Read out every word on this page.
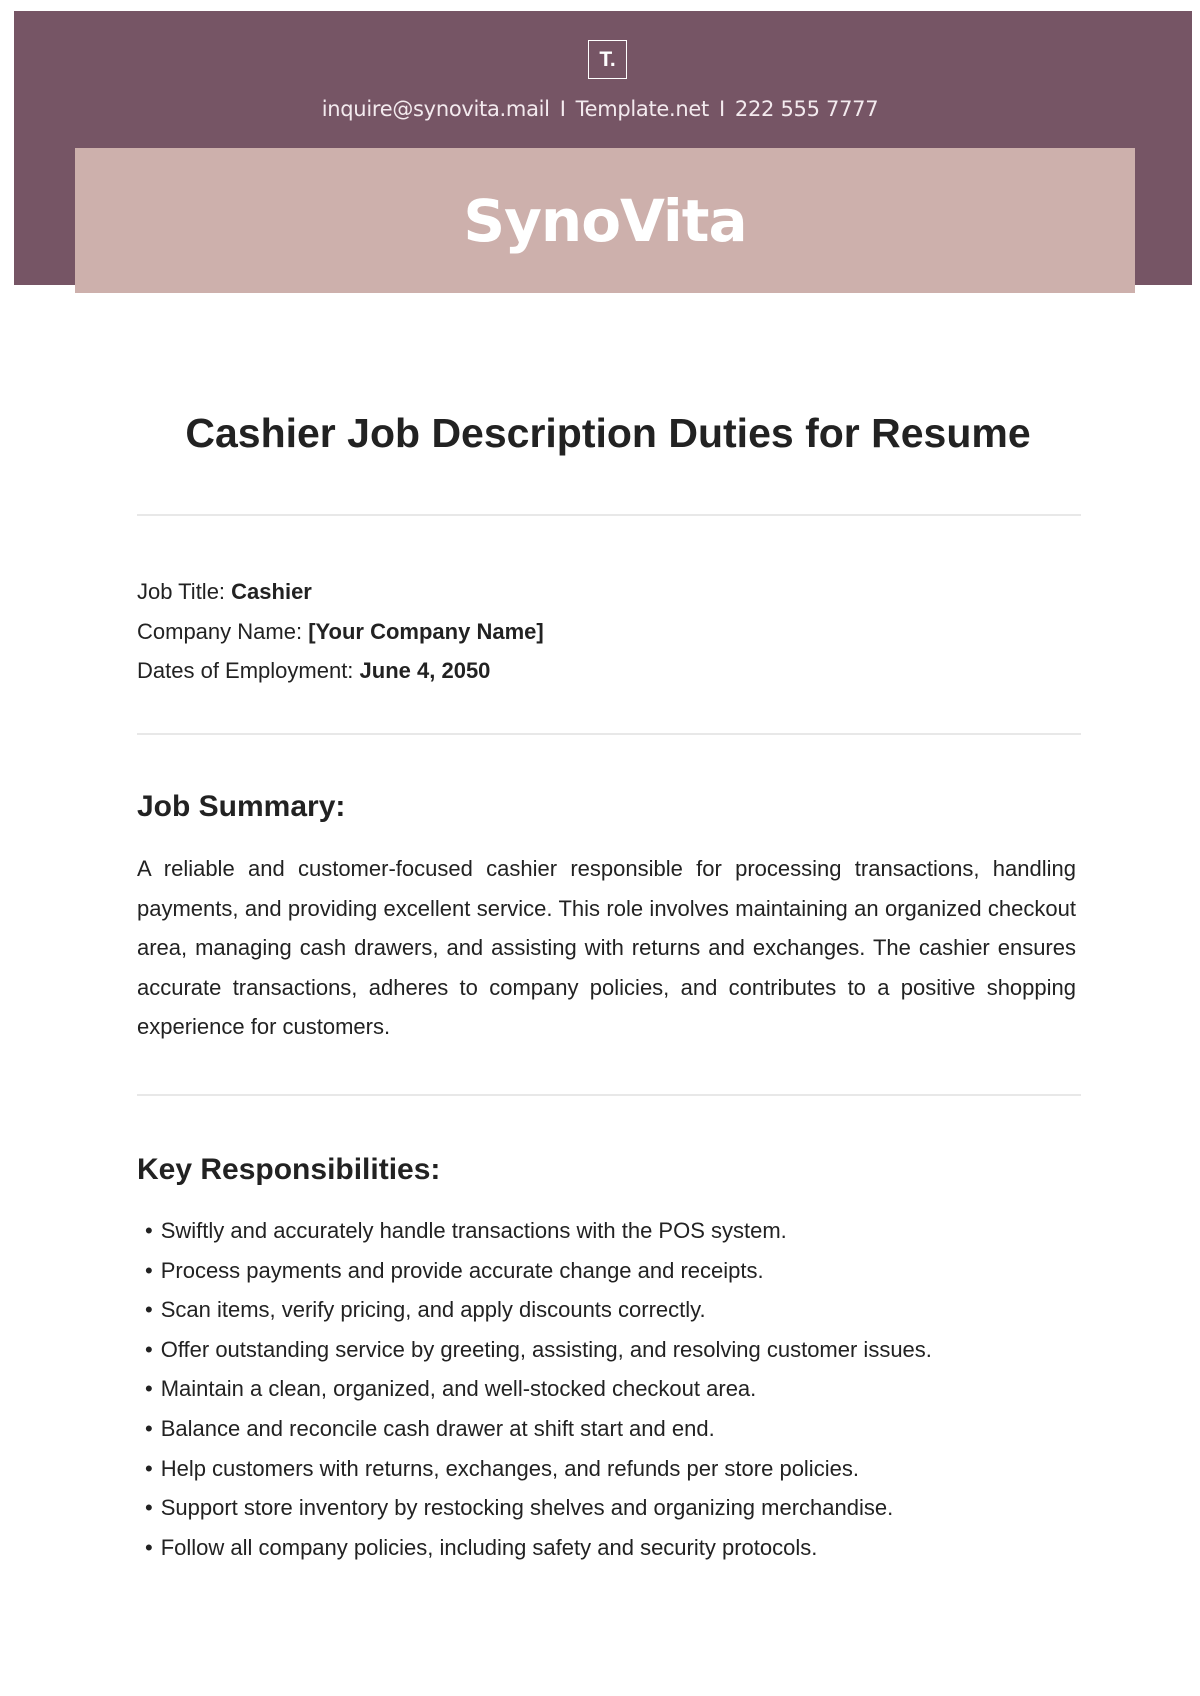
T.
inquire@synovita.mail I Template.net I 222 555 7777
SynoVita
Cashier Job Description Duties for Resume
Job Title: Cashier
Company Name: [Your Company Name]
Dates of Employment: June 4, 2050
Job Summary:
A reliable and customer-focused cashier responsible for processing transactions, handling payments, and providing excellent service. This role involves maintaining an organized checkout area, managing cash drawers, and assisting with returns and exchanges. The cashier ensures accurate transactions, adheres to company policies, and contributes to a positive shopping experience for customers.
Key Responsibilities:
• Swiftly and accurately handle transactions with the POS system.
• Process payments and provide accurate change and receipts.
• Scan items, verify pricing, and apply discounts correctly.
• Offer outstanding service by greeting, assisting, and resolving customer issues.
• Maintain a clean, organized, and well-stocked checkout area.
• Balance and reconcile cash drawer at shift start and end.
• Help customers with returns, exchanges, and refunds per store policies.
• Support store inventory by restocking shelves and organizing merchandise.
• Follow all company policies, including safety and security protocols.
